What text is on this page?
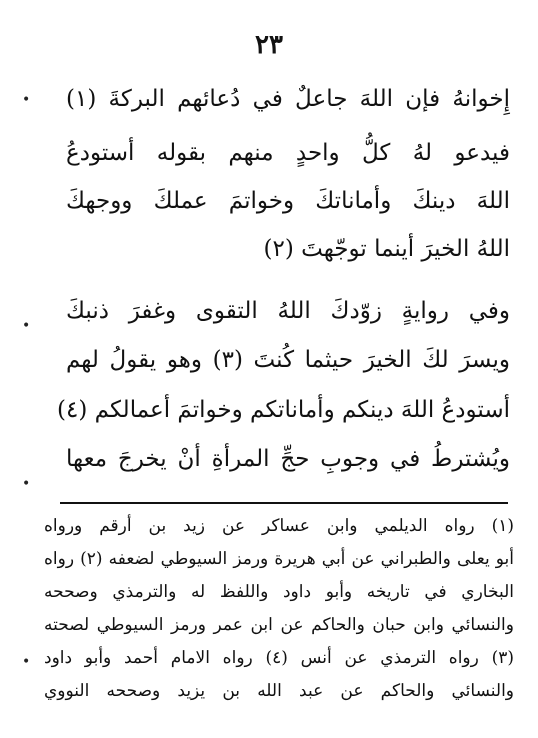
٢٣
•
•
•
•
إِخوانهُ فإن اللهَ جاعلٌ في دُعائهم البركةَ (١)
فيدعو لهُ كلُّ واحدٍ منهم بقوله أستودعُ
اللهَ دينكَ وأماناتكَ وخواتمَ عملكَ ووجهكَ
اللهُ الخيرَ أينما توجّهتَ (٢)
وفي روايةٍ زوّدكَ اللهُ التقوى وغفرَ ذنبكَ
ويسرَ لكَ الخيرَ حيثما كُنتَ (٣) وهو يقولُ لهم
أستودعُ اللهَ دينكم وأماناتكم وخواتمَ أعمالكم (٤)
ويُشترطُ في وجوبِ حجِّ المرأةِ أنْ يخرجَ معها
(١) رواه الديلمي وابن عساكر عن زيد بن أرقم ورواه
أبو يعلى والطبراني عن أبي هريرة ورمز السيوطي لضعفه (٢) رواه
البخاري في تاريخه وأبو داود واللفظ له والترمذي وصححه
والنسائي وابن حبان والحاكم عن ابن عمر ورمز السيوطي لصحته
(٣) رواه الترمذي عن أنس (٤) رواه الامام أحمد وأبو داود
والنسائي والحاكم عن عبد الله بن يزيد وصححه النووي
